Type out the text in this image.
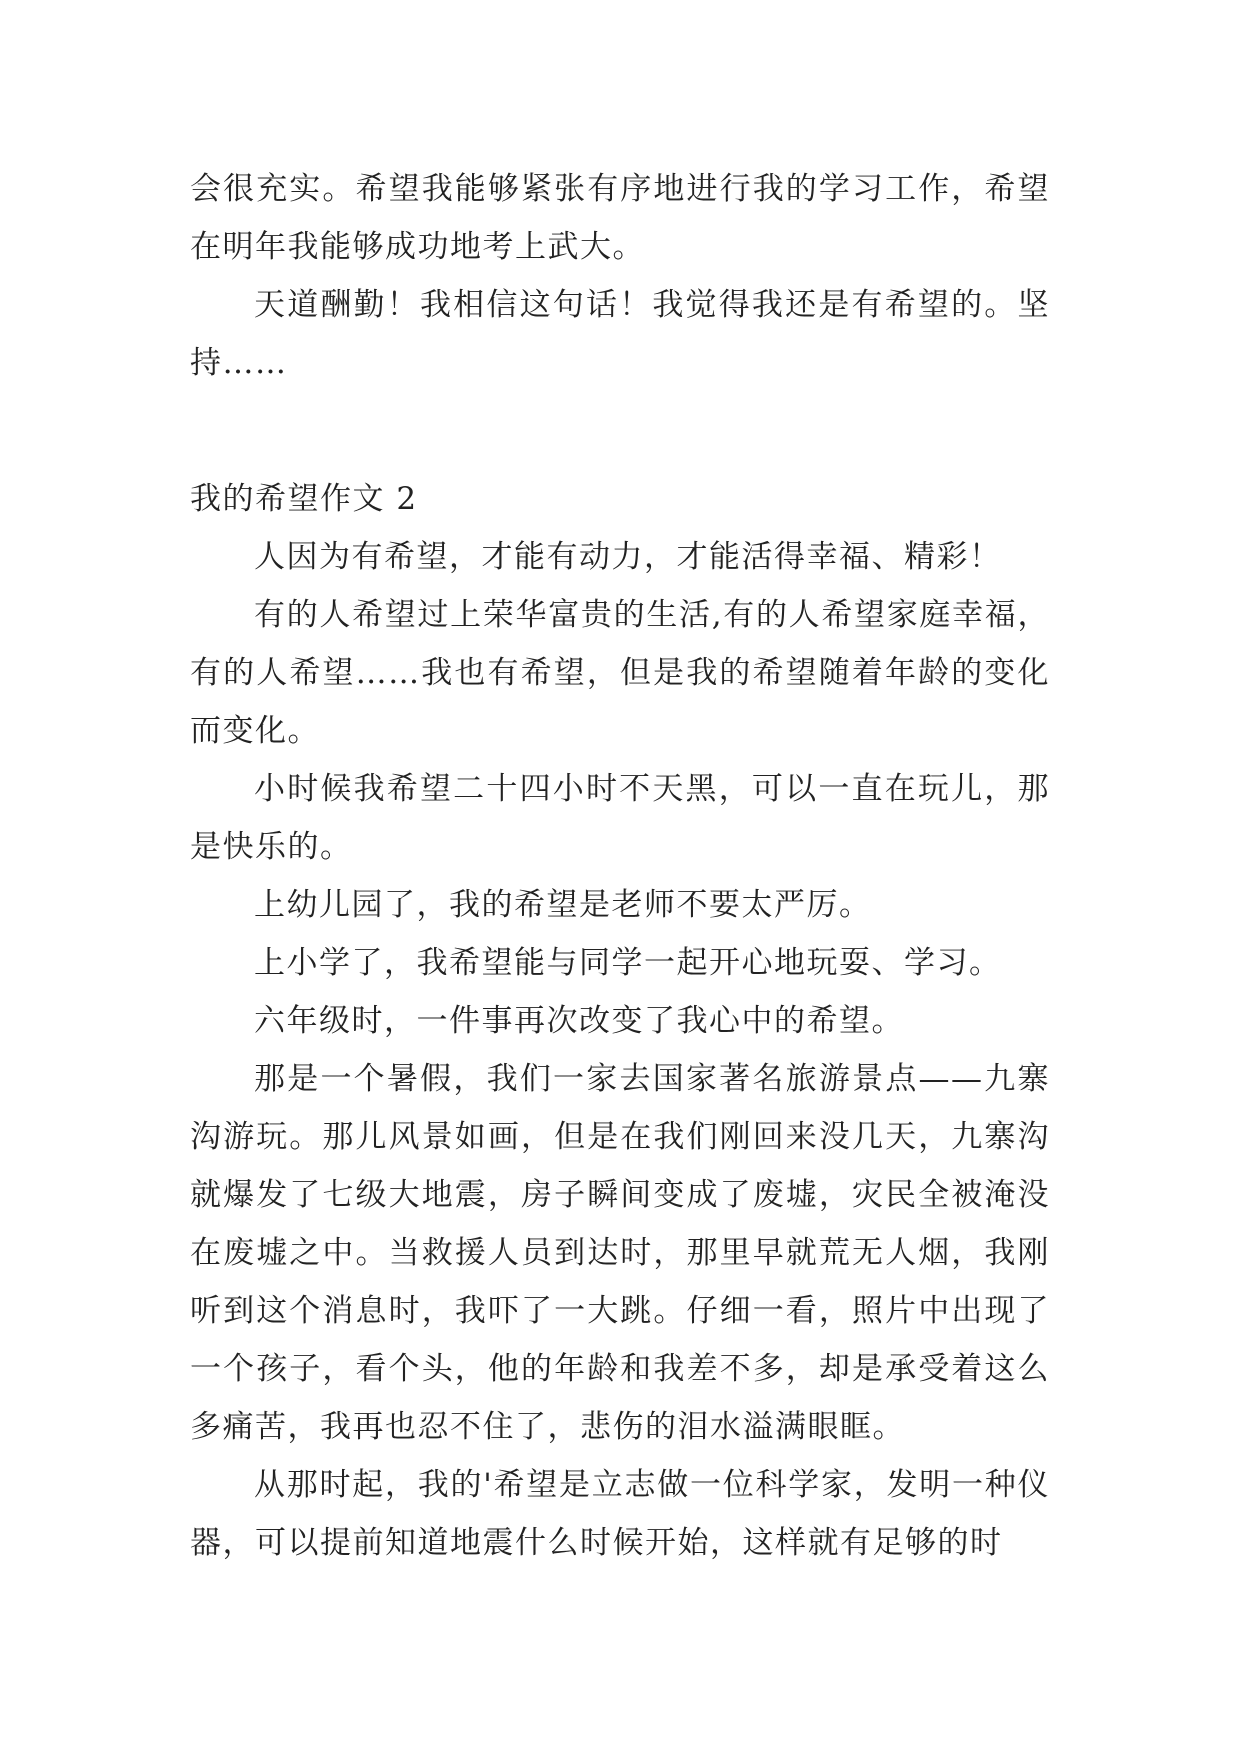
会很充实。希望我能够紧张有序地进行我的学习工作，希望在明年我能够成功地考上武大。

天道酬勤！我相信这句话！我觉得我还是有希望的。坚持……

我的希望作文 2

人因为有希望，才能有动力，才能活得幸福、精彩！

有的人希望过上荣华富贵的生活,有的人希望家庭幸福，有的人希望……我也有希望，但是我的希望随着年龄的变化而变化。

小时候我希望二十四小时不天黑，可以一直在玩儿，那是快乐的。

上幼儿园了，我的希望是老师不要太严厉。

上小学了，我希望能与同学一起开心地玩耍、学习。

六年级时，一件事再次改变了我心中的希望。

那是一个暑假，我们一家去国家著名旅游景点——九寨沟游玩。那儿风景如画，但是在我们刚回来没几天，九寨沟就爆发了七级大地震，房子瞬间变成了废墟，灾民全被淹没在废墟之中。当救援人员到达时，那里早就荒无人烟，我刚听到这个消息时，我吓了一大跳。仔细一看，照片中出现了一个孩子，看个头，他的年龄和我差不多，却是承受着这么多痛苦，我再也忍不住了，悲伤的泪水溢满眼眶。

从那时起，我的'希望是立志做一位科学家，发明一种仪器，可以提前知道地震什么时候开始，这样就有足够的时
